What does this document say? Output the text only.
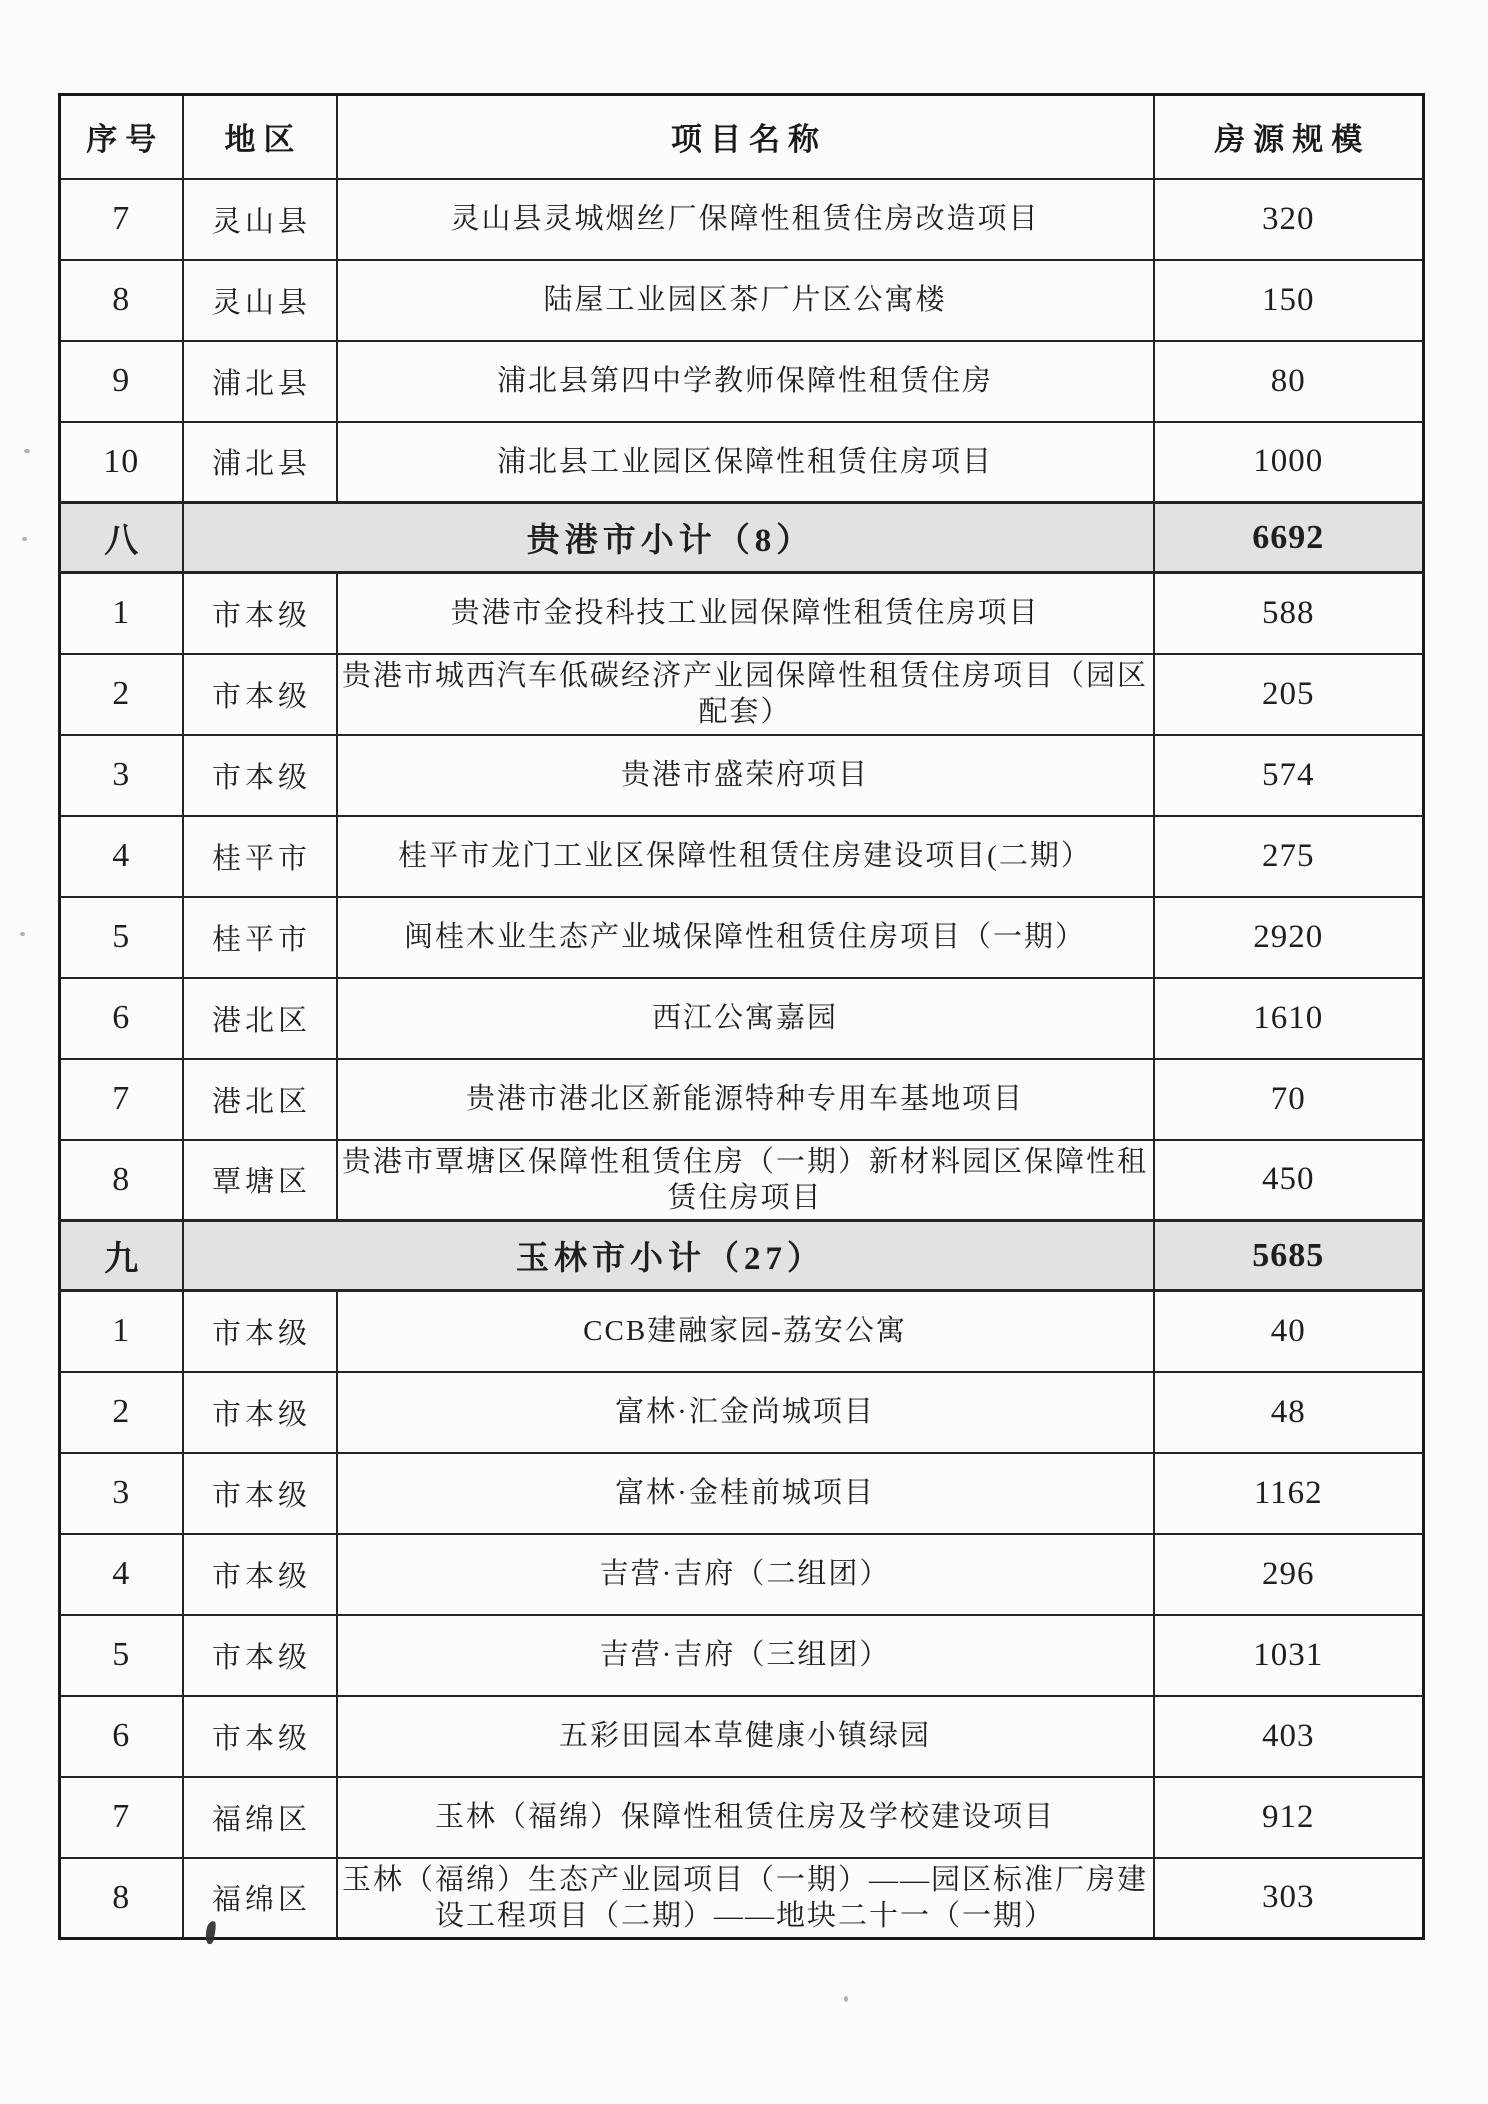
序号	地区	项目名称	房源规模
7	灵山县	灵山县灵城烟丝厂保障性租赁住房改造项目	320
8	灵山县	陆屋工业园区茶厂片区公寓楼	150
9	浦北县	浦北县第四中学教师保障性租赁住房	80
10	浦北县	浦北县工业园区保障性租赁住房项目	1000
八	贵港市小计（8）		6692
1	市本级	贵港市金投科技工业园保障性租赁住房项目	588
2	市本级	贵港市城西汽车低碳经济产业园保障性租赁住房项目（园区配套）	205
3	市本级	贵港市盛荣府项目	574
4	桂平市	桂平市龙门工业区保障性租赁住房建设项目(二期）	275
5	桂平市	闽桂木业生态产业城保障性租赁住房项目（一期）	2920
6	港北区	西江公寓嘉园	1610
7	港北区	贵港市港北区新能源特种专用车基地项目	70
8	覃塘区	贵港市覃塘区保障性租赁住房（一期）新材料园区保障性租赁住房项目	450
九	玉林市小计（27）		5685
1	市本级	CCB建融家园-荔安公寓	40
2	市本级	富林·汇金尚城项目	48
3	市本级	富林·金桂前城项目	1162
4	市本级	吉营·吉府（二组团）	296
5	市本级	吉营·吉府（三组团）	1031
6	市本级	五彩田园本草健康小镇绿园	403
7	福绵区	玉林（福绵）保障性租赁住房及学校建设项目	912
8	福绵区	玉林（福绵）生态产业园项目（一期）——园区标准厂房建设工程项目（二期）——地块二十一（一期）	303
